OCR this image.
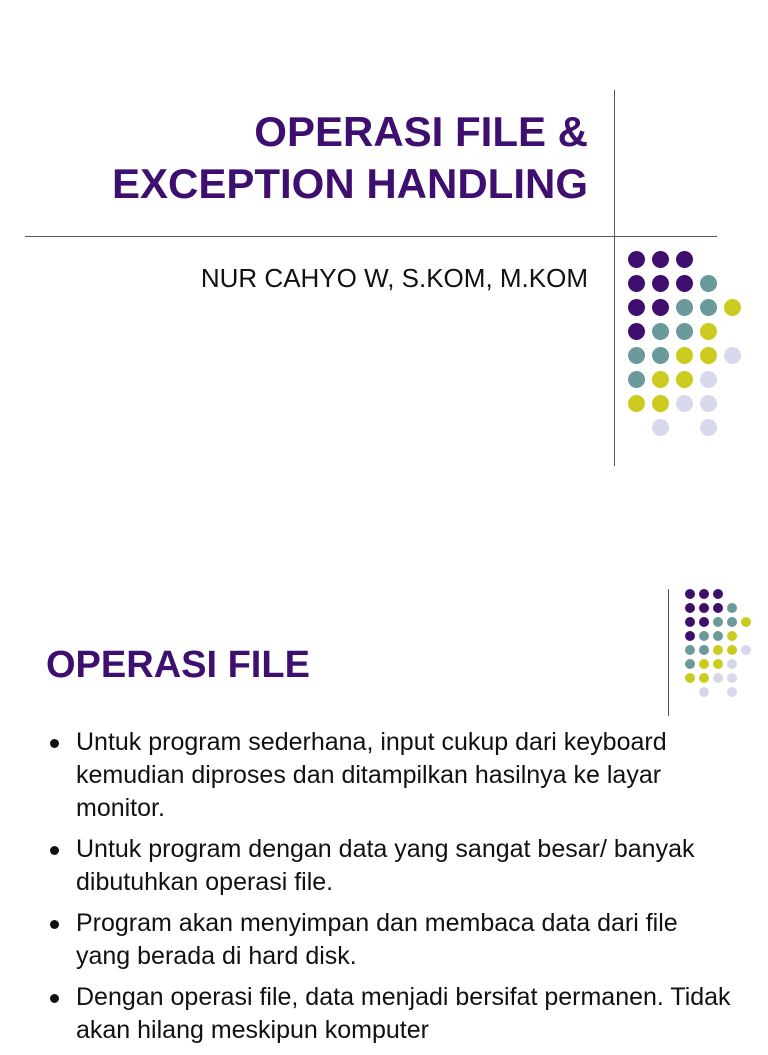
OPERASI FILE &
EXCEPTION HANDLING
NUR CAHYO W, S.KOM, M.KOM
OPERASI FILE
Untuk program sederhana, input cukup dari keyboard kemudian diproses dan ditampilkan hasilnya ke layar monitor.
Untuk program dengan data yang sangat besar/ banyak dibutuhkan operasi file.
Program akan menyimpan dan membaca data dari file yang berada di hard disk.
Dengan operasi file, data menjadi bersifat permanen. Tidak akan hilang meskipun komputer
